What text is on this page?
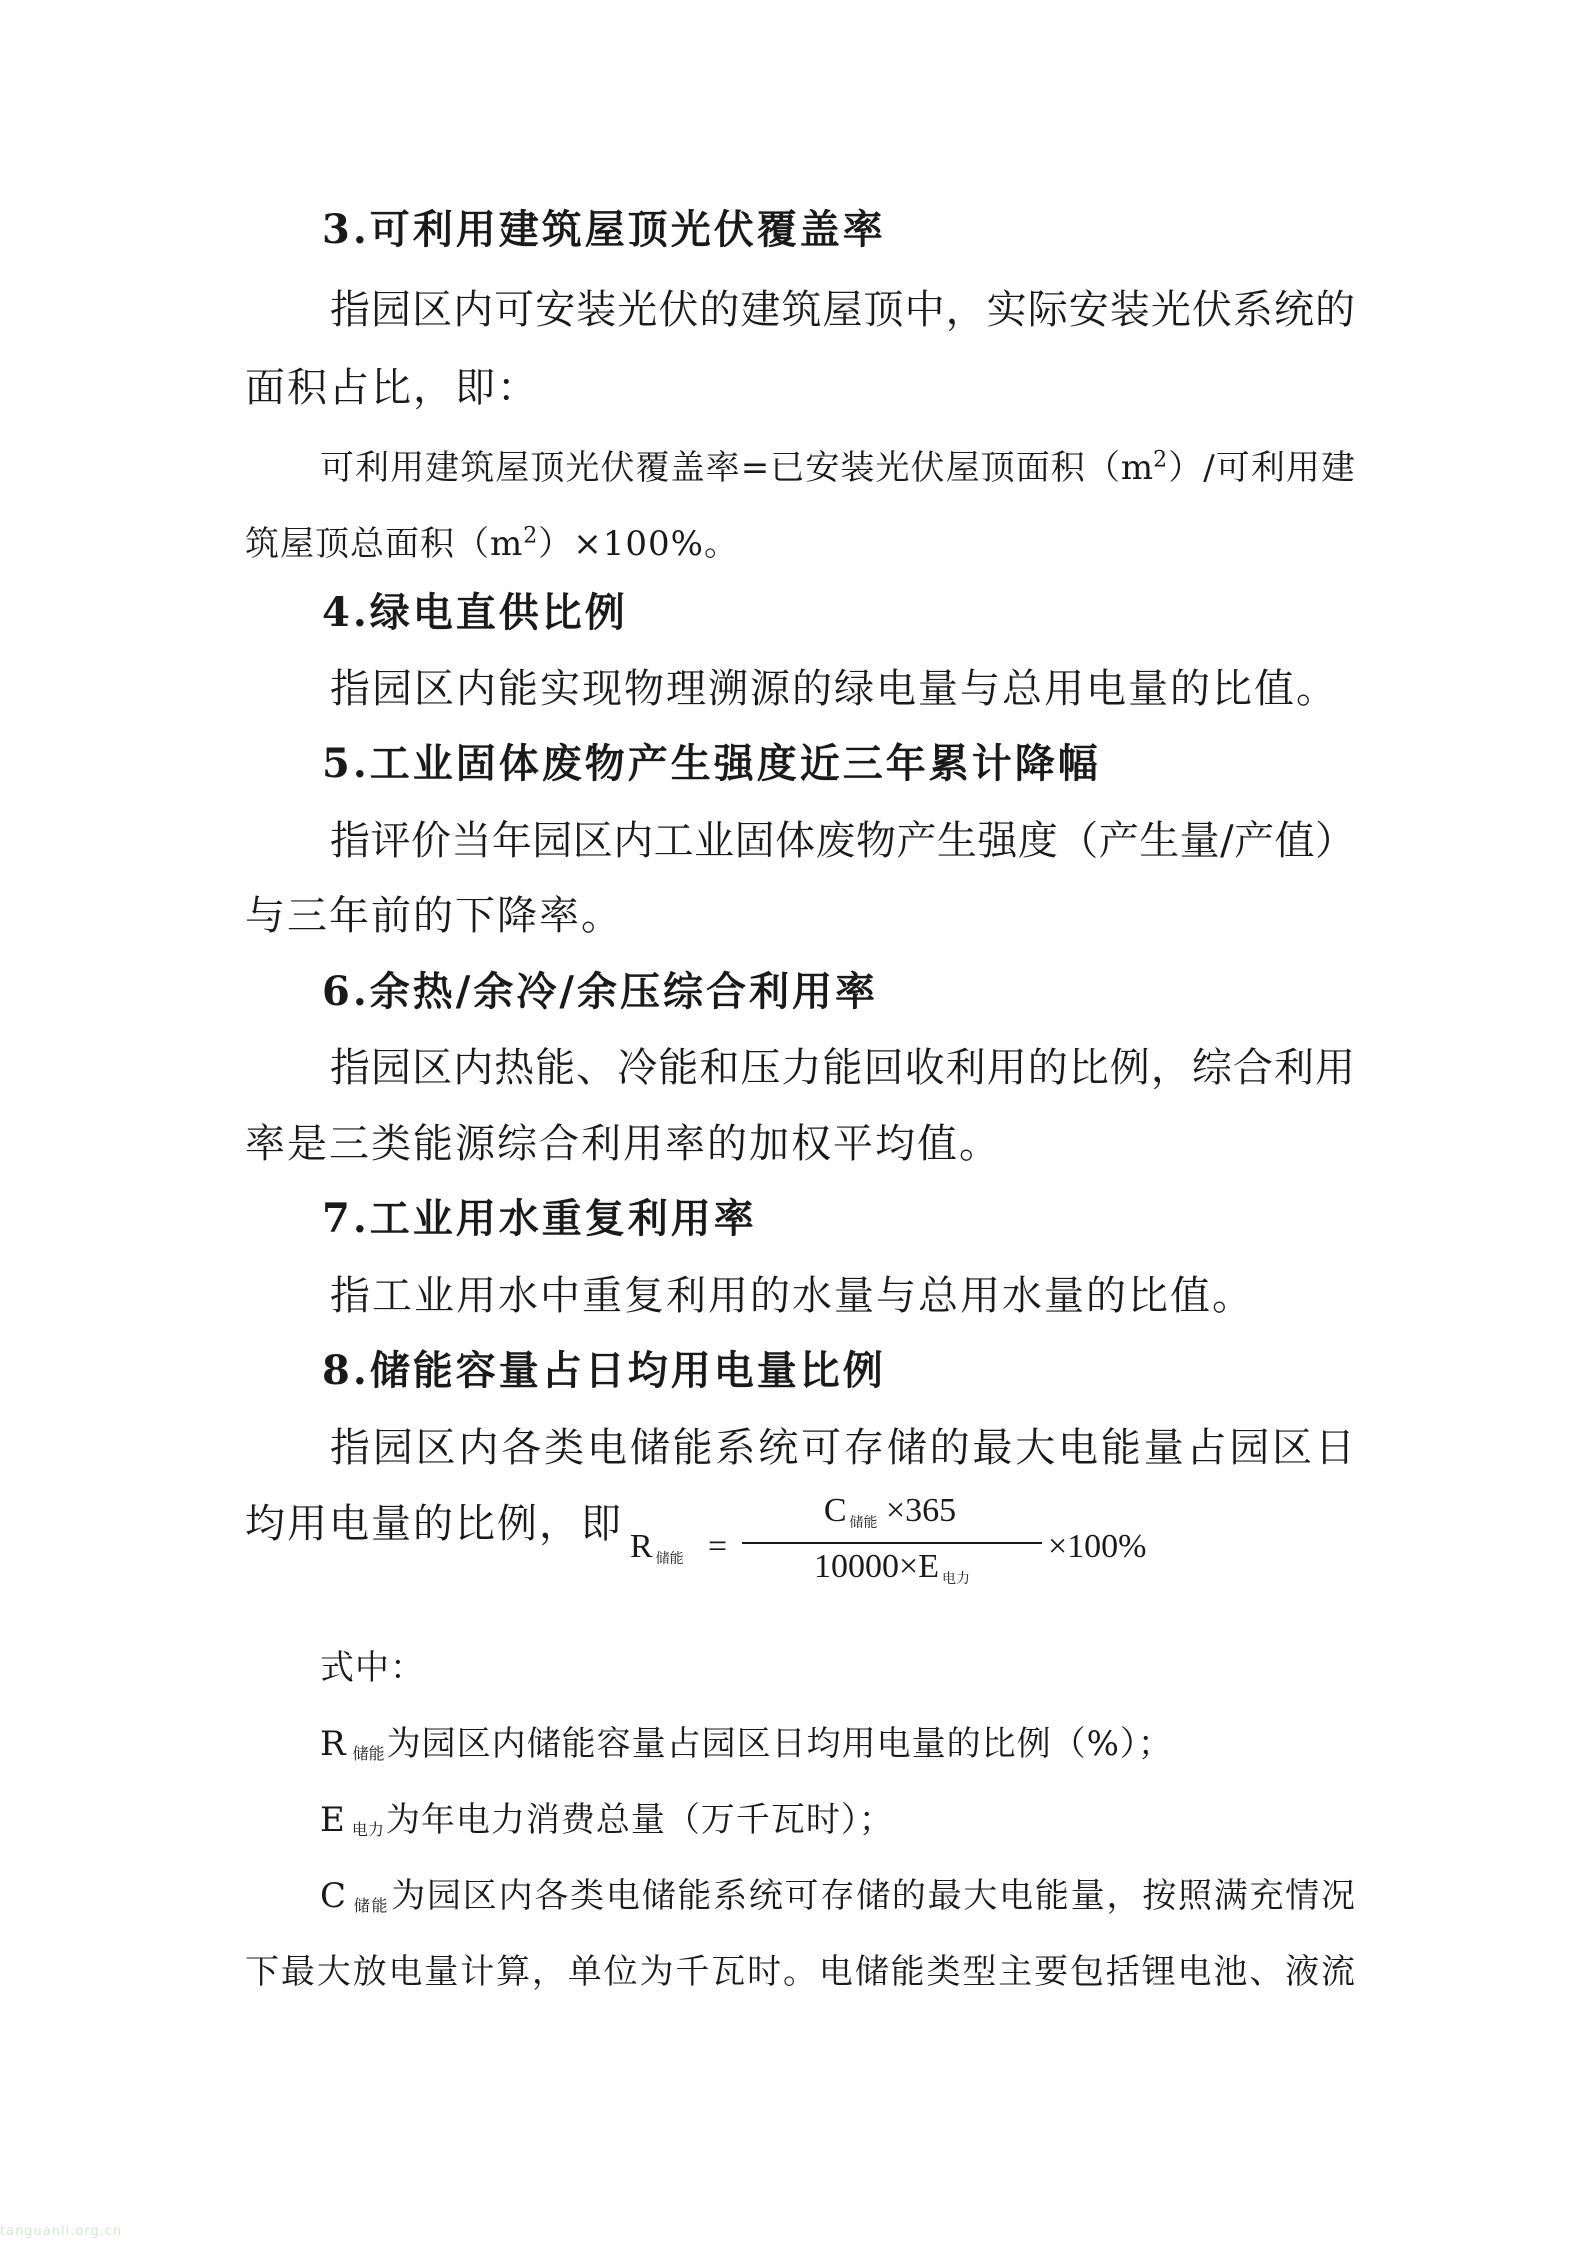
3.可利用建筑屋顶光伏覆盖率
指园区内可安装光伏的建筑屋顶中，实际安装光伏系统的
面积占比，即：
可利用建筑屋顶光伏覆盖率=已安装光伏屋顶面积$(m^2)/$可利用建
筑屋顶总面积$(m^2)\times 100\%$。
4.绿电直供比例
指园区内能实现物理溯源的绿电量与总用电量的比值。
5.工业固体废物产生强度近三年累计降幅
指评价当年园区内工业固体废物产生强度（产生量/产值）
与三年前的下降率。
6.余热/余冷/余压综合利用率
指园区内热能、冷能和压力能回收利用的比例，综合利用
率是三类能源综合利用率的加权平均值。
7.工业用水重复利用率
指工业用水中重复利用的水量与总用水量的比值。
8.储能容量占日均用电量比例
指园区内各类电储能系统可存储的最大电能量占园区日
均用电量的比例，即 R储能 =
C储能 ×365
10000×E 电力
×100%
式中：
R储能为园区内储能容量占园区日均用电量的比例（%）；
E电力为年电力消费总量（万千瓦时）；
C储能为园区内各类电储能系统可存储的最大电能量，按照满充情况
下最大放电量计算，单位为千瓦时。电储能类型主要包括锂电池、液流
tanguanli.org.cn
